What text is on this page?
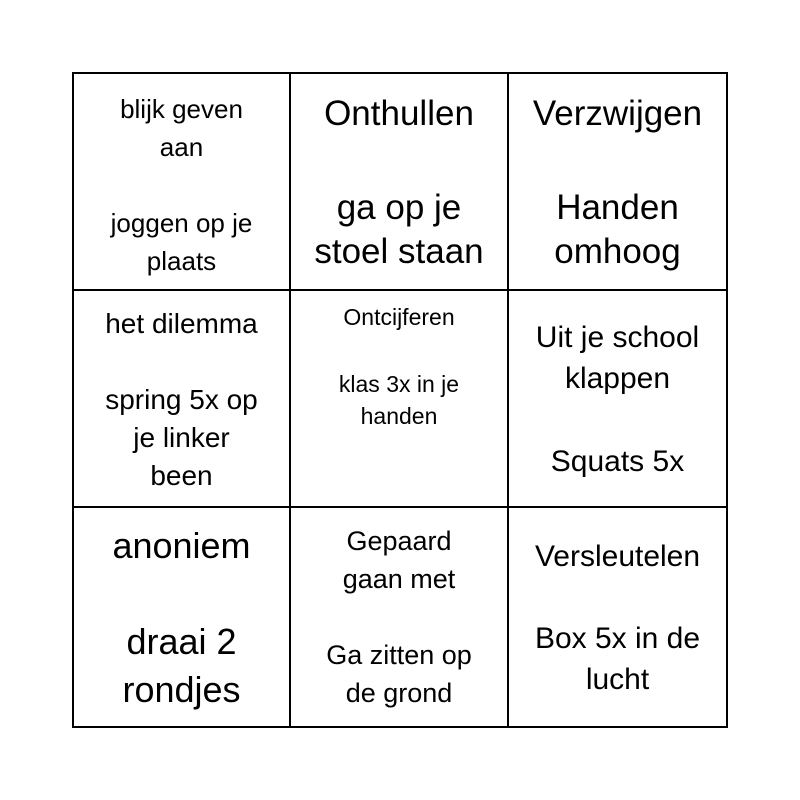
blijk geven
aan
joggen op je
plaats
Onthullen
ga op je
stoel staan
Verzwijgen
Handen
omhoog
het dilemma
spring 5x op
je linker
been
Ontcijferen
klas 3x in je
handen
Uit je school
klappen
Squats 5x
anoniem
draai 2
rondjes
Gepaard
gaan met
Ga zitten op
de grond
Versleutelen
Box 5x in de
lucht
